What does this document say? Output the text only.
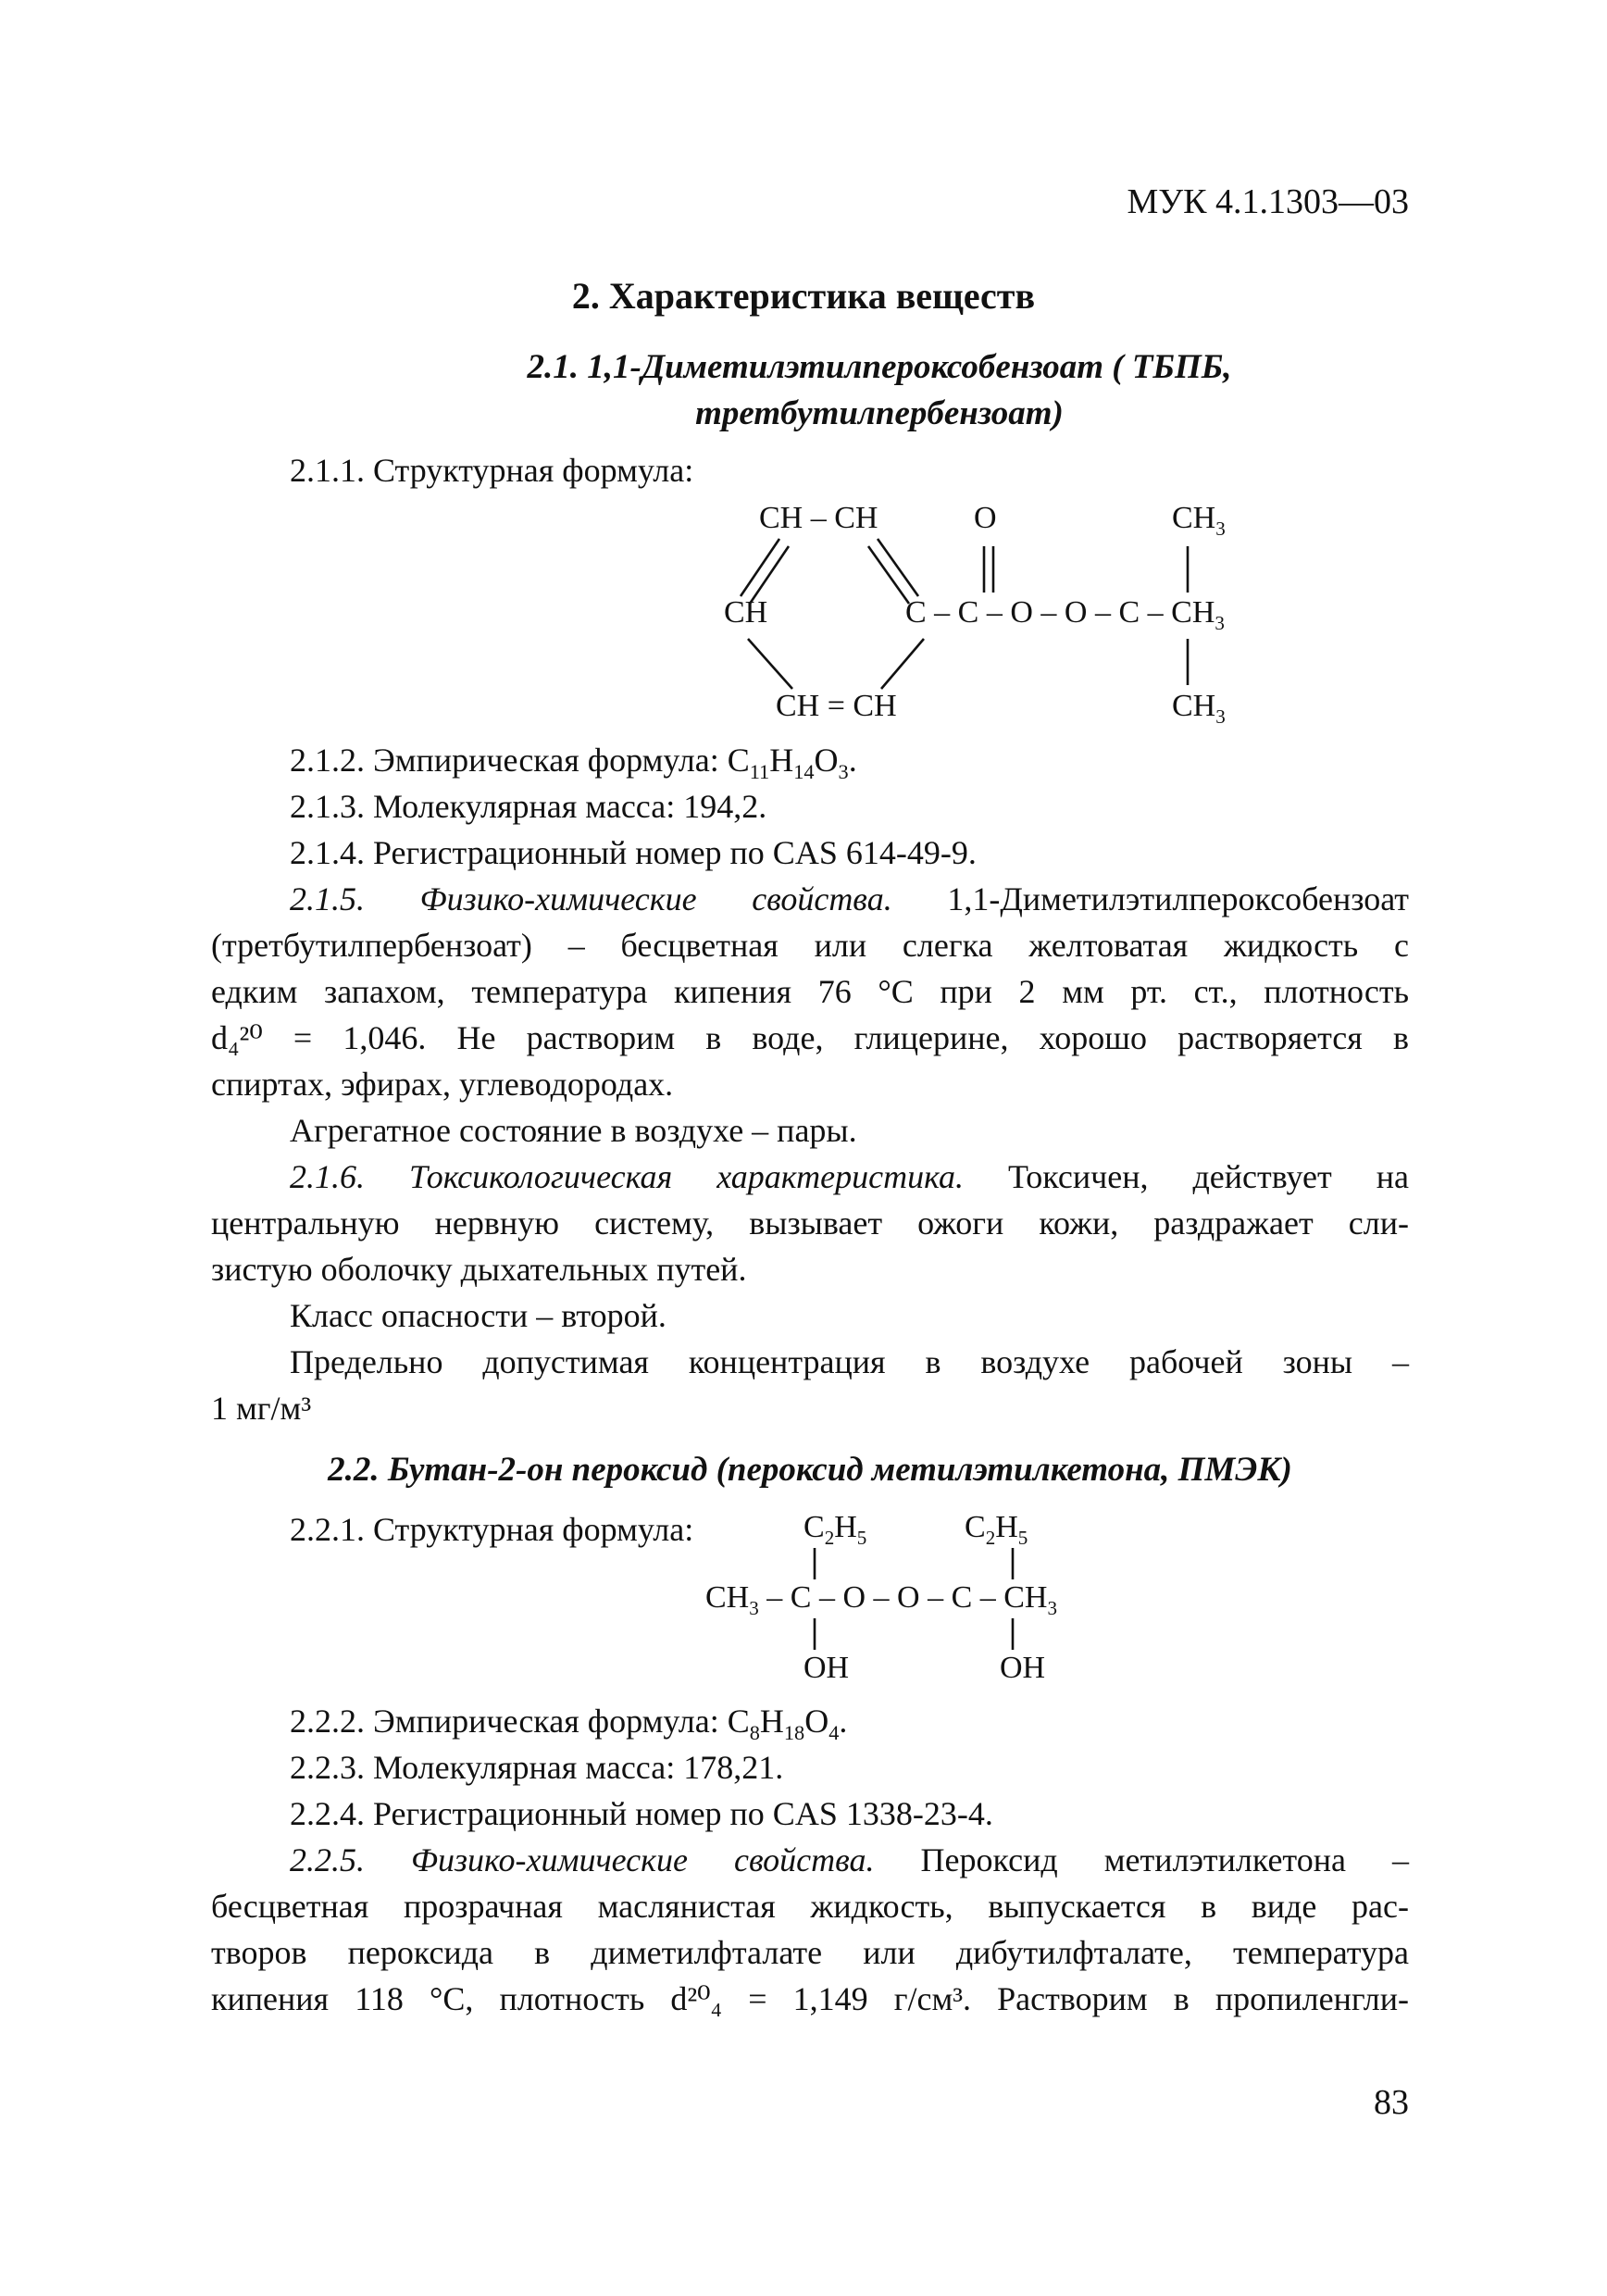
МУК 4.1.1303—03
2. Характеристика веществ
2.1. 1,1-Диметилэтилпероксобензоат ( ТБПБ,
третбутилпербензоат)
2.1.1. Структурная формула:
CH – CH	O	$CH_3$
CH	C – C – O – O – C – $CH_3$
CH = CH	$CH_3$
2.1.2. Эмпирическая формула: $C_{11}H_{14}O_3$.
2.1.3. Молекулярная масса: 194,2.
2.1.4. Регистрационный номер по CAS 614-49-9.
2.1.5. Физико-химические свойства. 1,1-Диметилэтилпероксобензоат
(третбутилпербензоат) – бесцветная или слегка желтоватая жидкость с
едким запахом, температура кипения 76 °C при 2 мм рт. ст., плотность
d₄²⁰ = 1,046. Не растворим в воде, глицерине, хорошо растворяется в
спиртах, эфирах, углеводородах.
Агрегатное состояние в воздухе – пары.
2.1.6. Токсикологическая характеристика. Токсичен, действует на
центральную нервную систему, вызывает ожоги кожи, раздражает сли-
зистую оболочку дыхательных путей.
Класс опасности – второй.
Предельно допустимая концентрация в воздухе рабочей зоны –
1 мг/м³
2.2. Бутан-2-он пероксид (пероксид метилэтилкетона, ПМЭК)
2.2.1. Структурная формула:	$C_2H_5$	$C_2H_5$
$CH_3$ – C – O – O – C – $CH_3$
OH	OH
2.2.2. Эмпирическая формула: $C_8H_{18}O_4$.
2.2.3. Молекулярная масса: 178,21.
2.2.4. Регистрационный номер по CAS 1338-23-4.
2.2.5. Физико-химические свойства. Пероксид метилэтилкетона –
бесцветная прозрачная маслянистая жидкость, выпускается в виде рас-
творов пероксида в диметилфталате или дибутилфталате, температура
кипения 118 °C, плотность d²⁰₄ = 1,149 г/см³. Растворим в пропиленгли-
83
